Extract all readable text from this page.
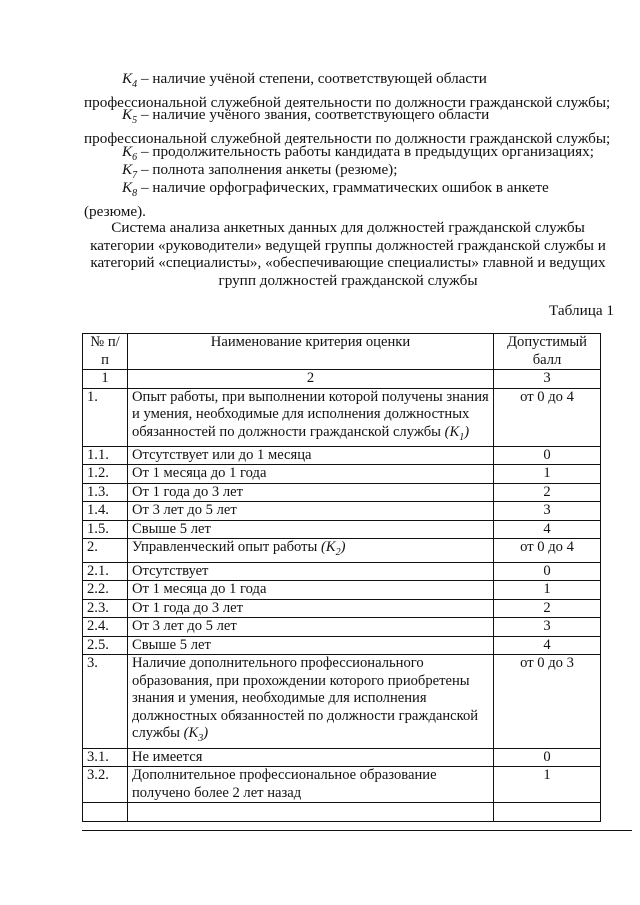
$K_4$ – наличие учёной степени, соответствующей области профессиональной служебной деятельности по должности гражданской службы;

$K_5$ – наличие учёного звания, соответствующего области профессиональной служебной деятельности по должности гражданской службы;

$K_6$ – продолжительность работы кандидата в предыдущих организациях;

$K_7$ – полнота заполнения анкеты (резюме);

$K_8$ – наличие орфографических, грамматических ошибок в анкете (резюме).

Система анализа анкетных данных для должностей гражданской службы
категории «руководители» ведущей группы должностей гражданской службы и
категорий «специалисты», «обеспечивающие специалисты» главной и ведущих
групп должностей гражданской службы
Таблица 1
№ п/п	Наименование критерия оценки	Допустимый балл
1	2	3
1.	Опыт работы, при выполнении которой получены знания и умения, необходимые для исполнения должностных обязанностей по должности гражданской службы $(K_1)$	от 0 до 4
1.1.	Отсутствует или до 1 месяца	0
1.2.	От 1 месяца до 1 года	1
1.3.	От 1 года до 3 лет	2
1.4.	От 3 лет до 5 лет	3
1.5.	Свыше 5 лет	4
2.	Управленческий опыт работы $(K_2)$	от 0 до 4
2.1.	Отсутствует	0
2.2.	От 1 месяца до 1 года	1
2.3.	От 1 года до 3 лет	2
2.4.	От 3 лет до 5 лет	3
2.5.	Свыше 5 лет	4
3.	Наличие дополнительного профессионального образования, при прохождении которого приобретены знания и умения, необходимые для исполнения должностных обязанностей по должности гражданской службы $(K_3)$	от 0 до 3
3.1.	Не имеется	0
3.2.	Дополнительное профессиональное образование получено более 2 лет назад	1
